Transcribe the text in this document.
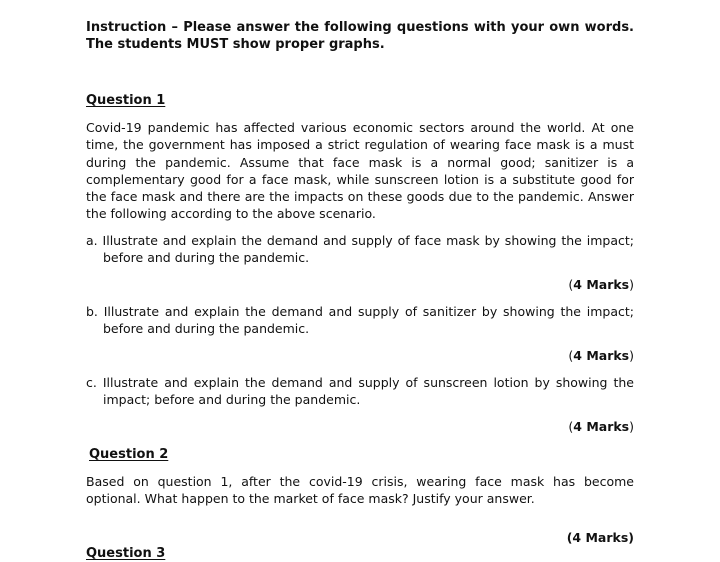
Instruction – Please answer the following questions with your own words. The students MUST show proper graphs.
Question 1

Covid-19 pandemic has affected various economic sectors around the world. At one time, the government has imposed a strict regulation of wearing face mask is a must during the pandemic. Assume that face mask is a normal good; sanitizer is a complementary good for a face mask, while sunscreen lotion is a substitute good for the face mask and there are the impacts on these goods due to the pandemic. Answer the following according to the above scenario.

a. Illustrate and explain the demand and supply of face mask by showing the impact; before and during the pandemic.
(4 Marks)
b. Illustrate and explain the demand and supply of sanitizer by showing the impact; before and during the pandemic.
(4 Marks)
c. Illustrate and explain the demand and supply of sunscreen lotion by showing the impact; before and during the pandemic.
(4 Marks)
Question 2

Based on question 1, after the covid-19 crisis, wearing face mask has become optional. What happen to the market of face mask? Justify your answer.

(4 Marks)
Question 3
